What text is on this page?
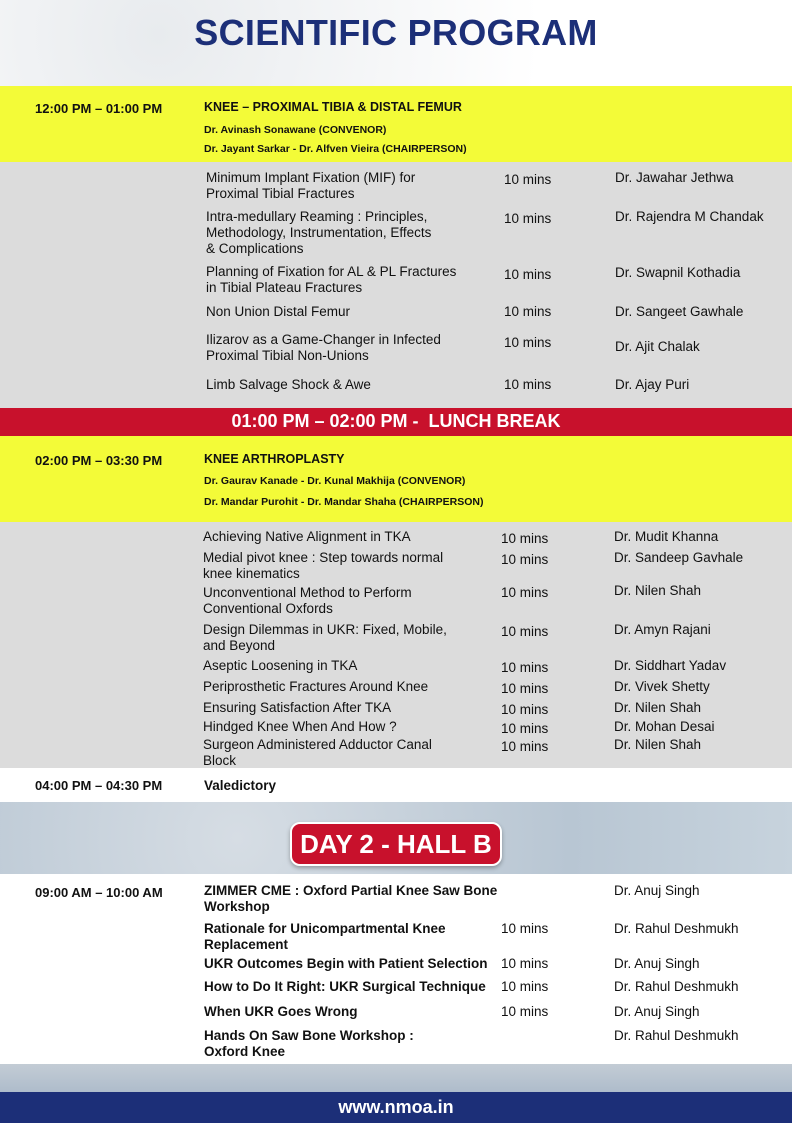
SCIENTIFIC PROGRAM
12:00 PM – 01:00 PM	KNEE – PROXIMAL TIBIA & DISTAL FEMUR
Dr. Avinash Sonawane (CONVENOR)
Dr. Jayant Sarkar - Dr. Alfven Vieira (CHAIRPERSON)
Minimum Implant Fixation (MIF) for
Proximal Tibial Fractures
10 mins	Dr. Jawahar Jethwa
Intra-medullary Reaming : Principles,
Methodology, Instrumentation, Effects
& Complications
10 mins	Dr. Rajendra M Chandak
Planning of Fixation for AL & PL Fractures
in Tibial Plateau Fractures
10 mins	Dr. Swapnil Kothadia
Non Union Distal Femur	10 mins	Dr. Sangeet Gawhale
Ilizarov as a Game-Changer in Infected
Proximal Tibial Non-Unions
10 mins	Dr. Ajit Chalak
Limb Salvage Shock & Awe	10 mins	Dr. Ajay Puri
01:00 PM – 02:00 PM - LUNCH BREAK
02:00 PM – 03:30 PM	KNEE ARTHROPLASTY
Dr. Gaurav Kanade - Dr. Kunal Makhija (CONVENOR)
Dr. Mandar Purohit - Dr. Mandar Shaha (CHAIRPERSON)
Achieving Native Alignment in TKA	10 mins	Dr. Mudit Khanna
Medial pivot knee : Step towards normal
knee kinematics
10 mins	Dr. Sandeep Gavhale
Unconventional Method to Perform
Conventional Oxfords
10 mins	Dr. Nilen Shah
Design Dilemmas in UKR: Fixed, Mobile,
and Beyond
10 mins	Dr. Amyn Rajani
Aseptic Loosening in TKA	10 mins	Dr. Siddhart Yadav
Periprosthetic Fractures Around Knee	10 mins	Dr. Vivek Shetty
Ensuring Satisfaction After TKA	10 mins	Dr. Nilen Shah
Hindged Knee When And How ?	10 mins	Dr. Mohan Desai
Surgeon Administered Adductor Canal
Block
10 mins	Dr. Nilen Shah
04:00 PM – 04:30 PM	Valedictory
DAY 2 - HALL B
09:00 AM – 10:00 AM	ZIMMER CME : Oxford Partial Knee Saw Bone
Workshop
Dr. Anuj Singh
Rationale for Unicompartmental Knee
Replacement
10 mins	Dr. Rahul Deshmukh
UKR Outcomes Begin with Patient Selection 10 mins	Dr. Anuj Singh
How to Do It Right: UKR Surgical Technique	10 mins	Dr. Rahul Deshmukh
When UKR Goes Wrong	10 mins	Dr. Anuj Singh
Hands On Saw Bone Workshop :
Oxford Knee
Dr. Rahul Deshmukh
www.nmoa.in
